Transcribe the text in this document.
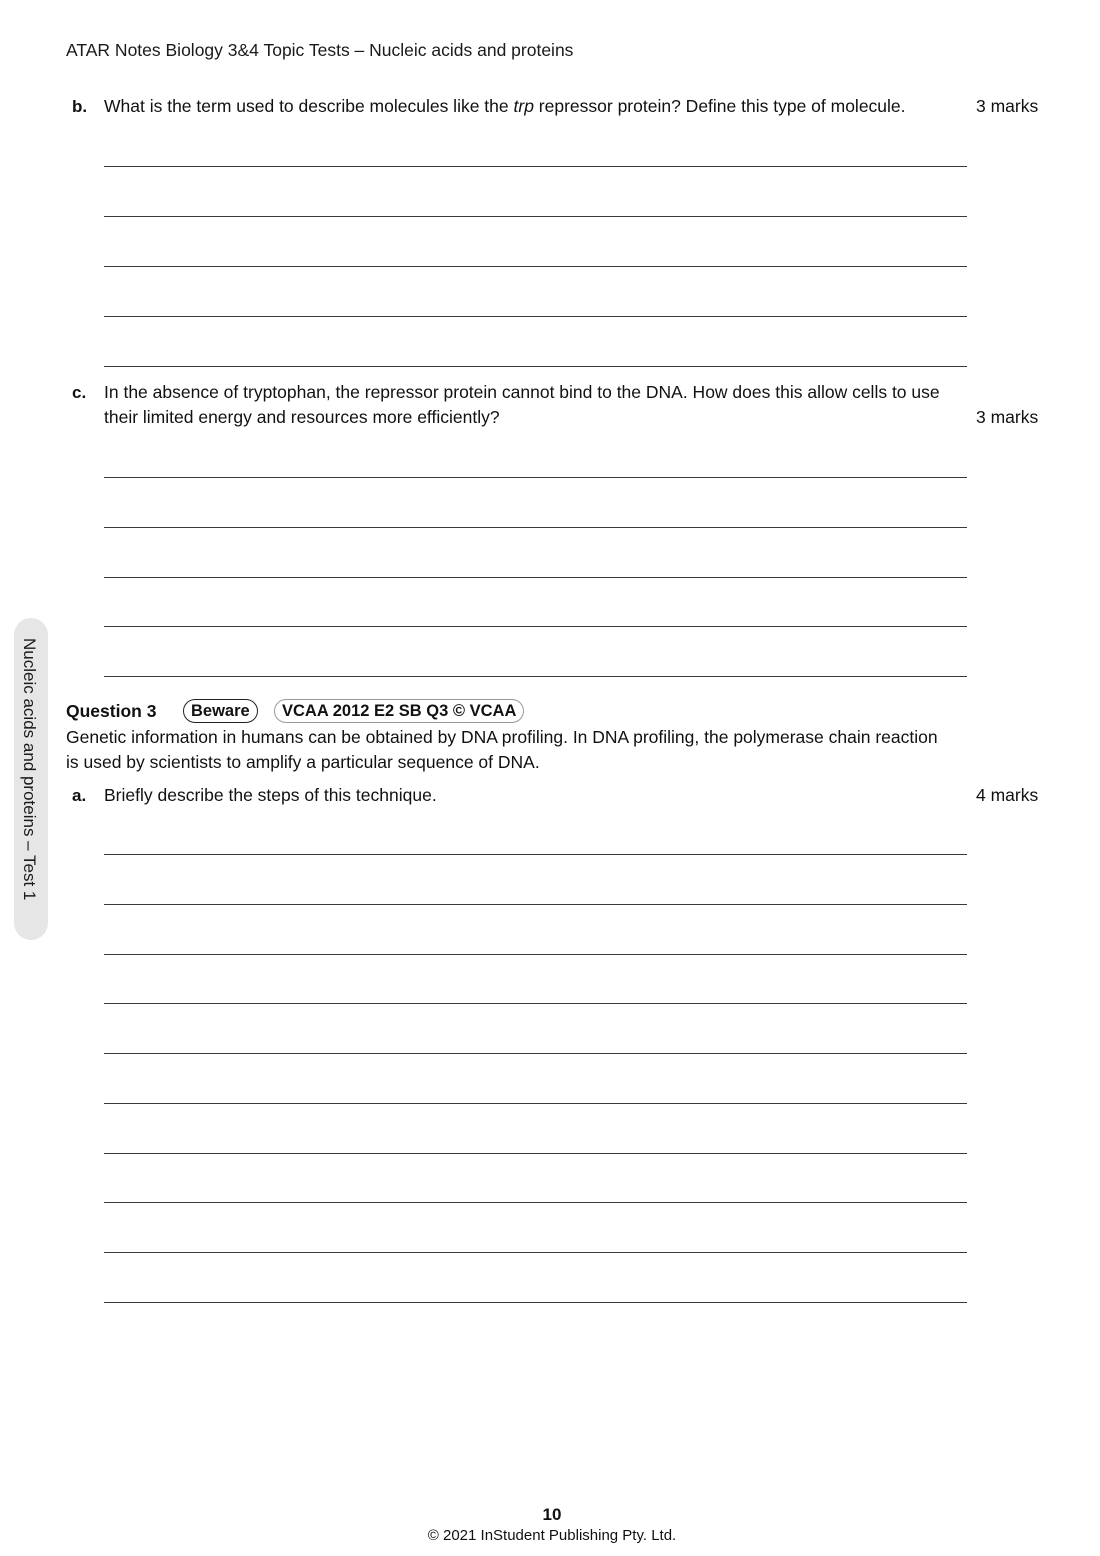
ATAR Notes Biology 3&4 Topic Tests – Nucleic acids and proteins
Nucleic acids and proteins – Test 1
b. What is the term used to describe molecules like the trp repressor protein? Define this type of molecule.	3 marks
c. In the absence of tryptophan, the repressor protein cannot bind to the DNA. How does this allow cells to use
their limited energy and resources more efficiently?	3 marks
Question 3	Beware	VCAA 2012 E2 SB Q3 © VCAA
Genetic information in humans can be obtained by DNA profiling. In DNA profiling, the polymerase chain reaction
is used by scientists to amplify a particular sequence of DNA.
a. Briefly describe the steps of this technique.	4 marks
10
© 2021 InStudent Publishing Pty. Ltd.
